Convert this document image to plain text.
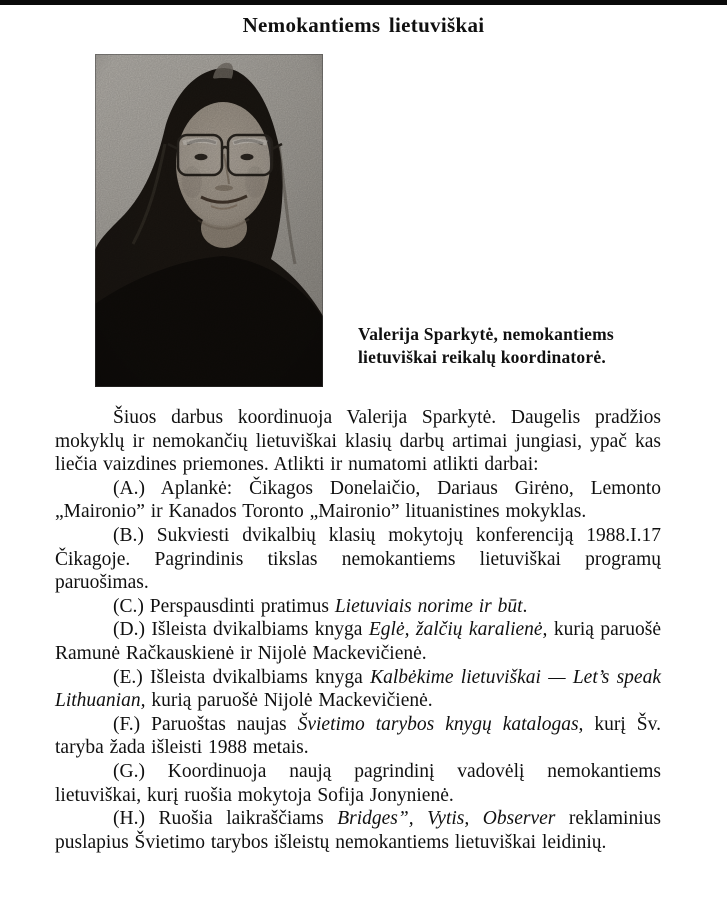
Nemokantiems lietuviškai
Valerija Sparkytė, nemokantiems
lietuviškai reikalų koordinatorė.

Šiuos darbus koordinuoja Valerija Sparkytė. Daugelis pradžios mokyklų ir nemokančių lietuviškai klasių darbų artimai jungiasi, ypač kas liečia vaizdines priemones. Atlikti ir numatomi atlikti darbai:

(A.) Aplankė: Čikagos Donelaičio, Dariaus Girėno, Lemonto „Maironio” ir Kanados Toronto „Maironio” lituanistines mokyklas.

(B.) Sukviesti dvikalbių klasių mokytojų konferenciją 1988.I.17 Čikagoje. Pagrindinis tikslas nemokantiems lietuviškai programų paruošimas.

(C.) Perspausdinti pratimus Lietuviais norime ir būt.

(D.) Išleista dvikalbiams knyga Eglė, žalčių karalienė, kurią paruošė Ramunė Račkauskienė ir Nijolė Mackevičienė.

(E.) Išleista dvikalbiams knyga Kalbėkime lietuviškai — Let’s speak Lithuanian, kurią paruošė Nijolė Mackevičienė.

(F.) Paruoštas naujas Švietimo tarybos knygų katalogas, kurį Šv. taryba žada išleisti 1988 metais.

(G.) Koordinuoja naują pagrindinį vadovėlį nemokantiems lietuviškai, kurį ruošia mokytoja Sofija Jonynienė.

(H.) Ruošia laikraščiams Bridges”, Vytis, Observer reklaminius puslapius Švietimo tarybos išleistų nemokantiems lietuviškai leidinių.
